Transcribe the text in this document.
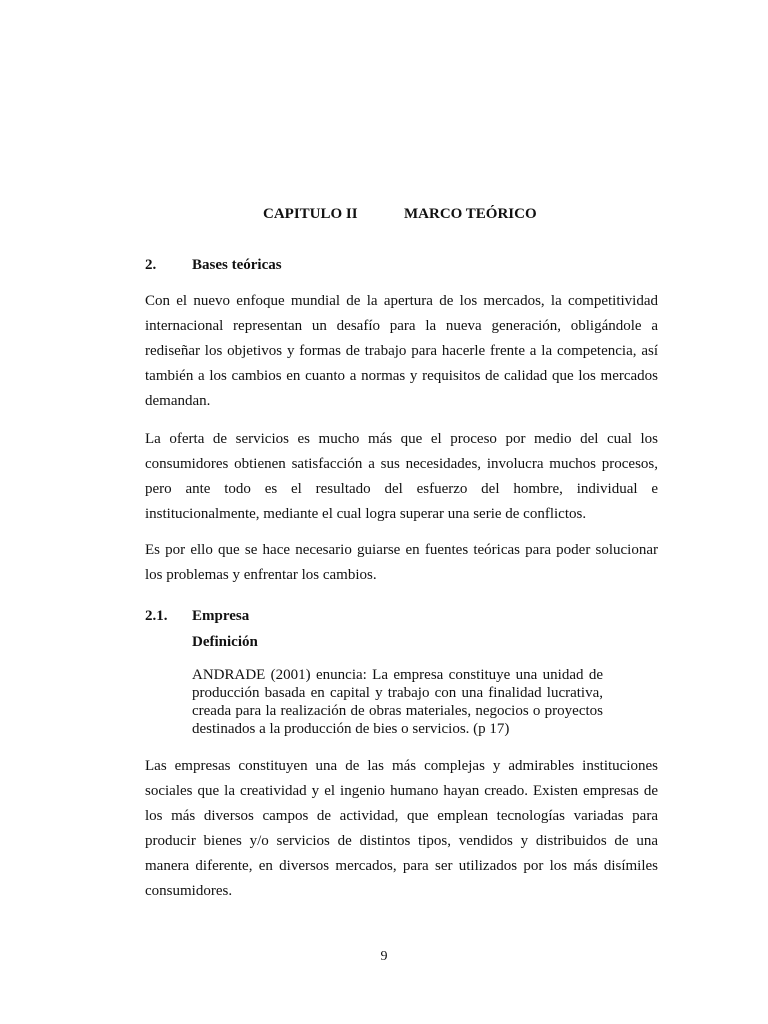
CAPITULO II	MARCO TEÓRICO
2. Bases teóricas

Con el nuevo enfoque mundial de la apertura de los mercados, la competitividad internacional representan un desafío para la nueva generación, obligándole a rediseñar los objetivos y formas de trabajo para hacerle frente a la competencia, así también a los cambios en cuanto a normas y requisitos de calidad que los mercados demandan.

La oferta de servicios es mucho más que el proceso por medio del cual los consumidores obtienen satisfacción a sus necesidades, involucra muchos procesos, pero ante todo es el resultado del esfuerzo del hombre, individual e institucionalmente, mediante el cual logra superar una serie de conflictos.

Es por ello que se hace necesario guiarse en fuentes teóricas para poder solucionar los problemas y enfrentar los cambios.

2.1. Empresa
Definición

ANDRADE (2001) enuncia: La empresa constituye una unidad de producción basada en capital y trabajo con una finalidad lucrativa, creada para la realización de obras materiales, negocios o proyectos destinados a la producción de bies o servicios. (p 17)

Las empresas constituyen una de las más complejas y admirables instituciones sociales que la creatividad y el ingenio humano hayan creado. Existen empresas de los más diversos campos de actividad, que emplean tecnologías variadas para producir bienes y/o servicios de distintos tipos, vendidos y distribuidos de una manera diferente, en diversos mercados, para ser utilizados por los más disímiles consumidores.

9
